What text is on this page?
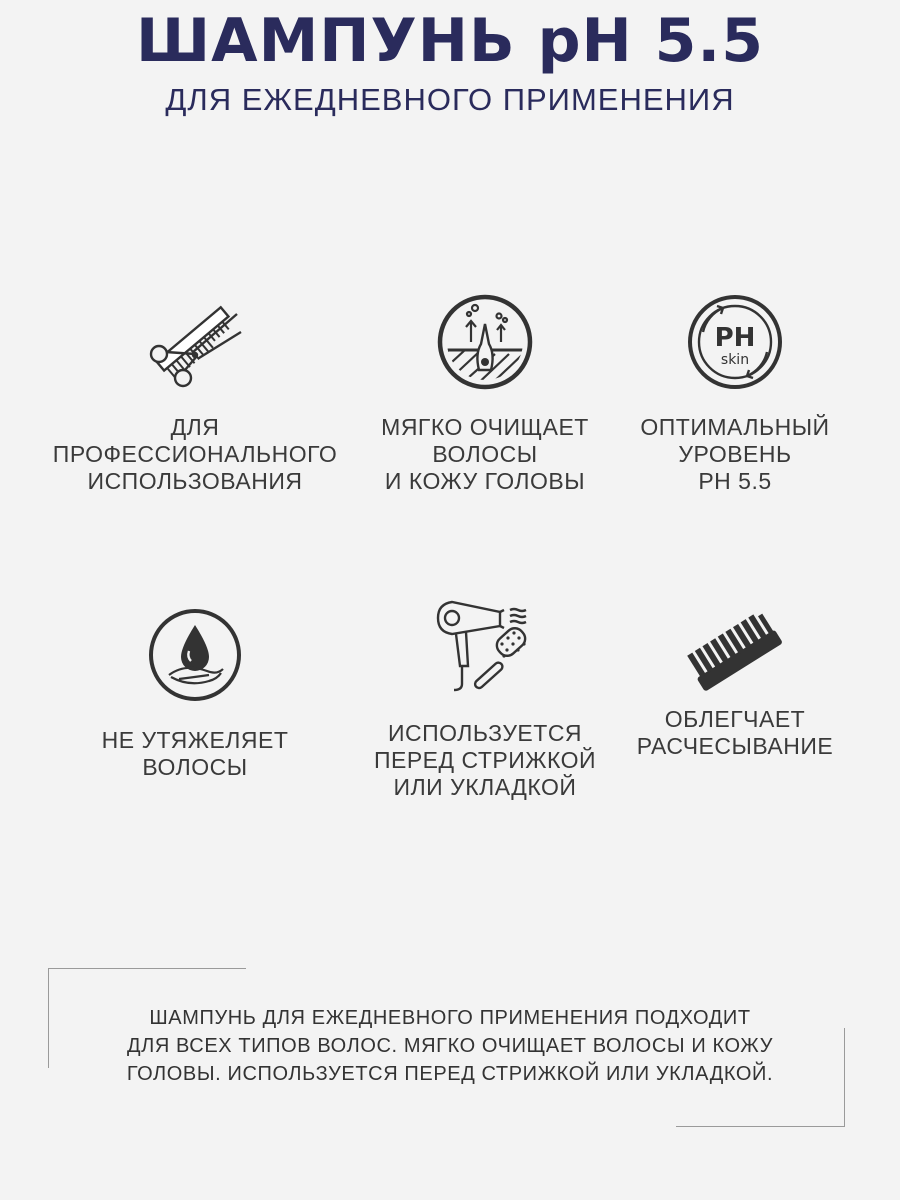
ШАМПУНЬ pH 5.5
ДЛЯ ЕЖЕДНЕВНОГО ПРИМЕНЕНИЯ
ДЛЯ
ПРОФЕССИОНАЛЬНОГО
ИСПОЛЬЗОВАНИЯ
МЯГКО ОЧИЩАЕТ
ВОЛОСЫ
И КОЖУ ГОЛОВЫ
PH
skin
ОПТИМАЛЬНЫЙ
УРОВЕНЬ
PH 5.5
НЕ УТЯЖЕЛЯЕТ
ВОЛОСЫ
ИСПОЛЬЗУЕТСЯ
ПЕРЕД СТРИЖКОЙ
ИЛИ УКЛАДКОЙ
ОБЛЕГЧАЕТ
РАСЧЕСЫВАНИЕ
ШАМПУНЬ ДЛЯ ЕЖЕДНЕВНОГО ПРИМЕНЕНИЯ ПОДХОДИТ
ДЛЯ ВСЕХ ТИПОВ ВОЛОС. МЯГКО ОЧИЩАЕТ ВОЛОСЫ И КОЖУ
ГОЛОВЫ. ИСПОЛЬЗУЕТСЯ ПЕРЕД СТРИЖКОЙ ИЛИ УКЛАДКОЙ.
